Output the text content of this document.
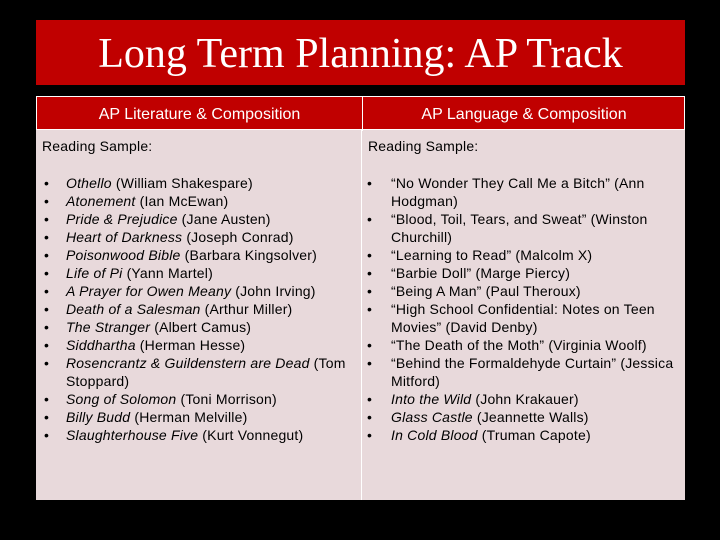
Long Term Planning: AP Track
AP Literature & Composition	AP Language & Composition
Reading Sample:
• Othello (William Shakespare)
• Atonement (Ian McEwan)
• Pride & Prejudice (Jane Austen)
• Heart of Darkness (Joseph Conrad)
• Poisonwood Bible (Barbara Kingsolver)
• Life of Pi (Yann Martel)
• A Prayer for Owen Meany (John Irving)
• Death of a Salesman (Arthur Miller)
• The Stranger (Albert Camus)
• Siddhartha (Herman Hesse)
• Rosencrantz & Guildenstern are Dead (Tom Stoppard)
• Song of Solomon (Toni Morrison)
• Billy Budd (Herman Melville)
• Slaughterhouse Five (Kurt Vonnegut)
Reading Sample:
• “No Wonder They Call Me a Bitch” (Ann Hodgman)
• “Blood, Toil, Tears, and Sweat” (Winston Churchill)
• “Learning to Read” (Malcolm X)
• “Barbie Doll” (Marge Piercy)
• “Being A Man” (Paul Theroux)
• “High School Confidential: Notes on Teen Movies” (David Denby)
• “The Death of the Moth” (Virginia Woolf)
• “Behind the Formaldehyde Curtain” (Jessica Mitford)
• Into the Wild (John Krakauer)
• Glass Castle (Jeannette Walls)
• In Cold Blood (Truman Capote)
